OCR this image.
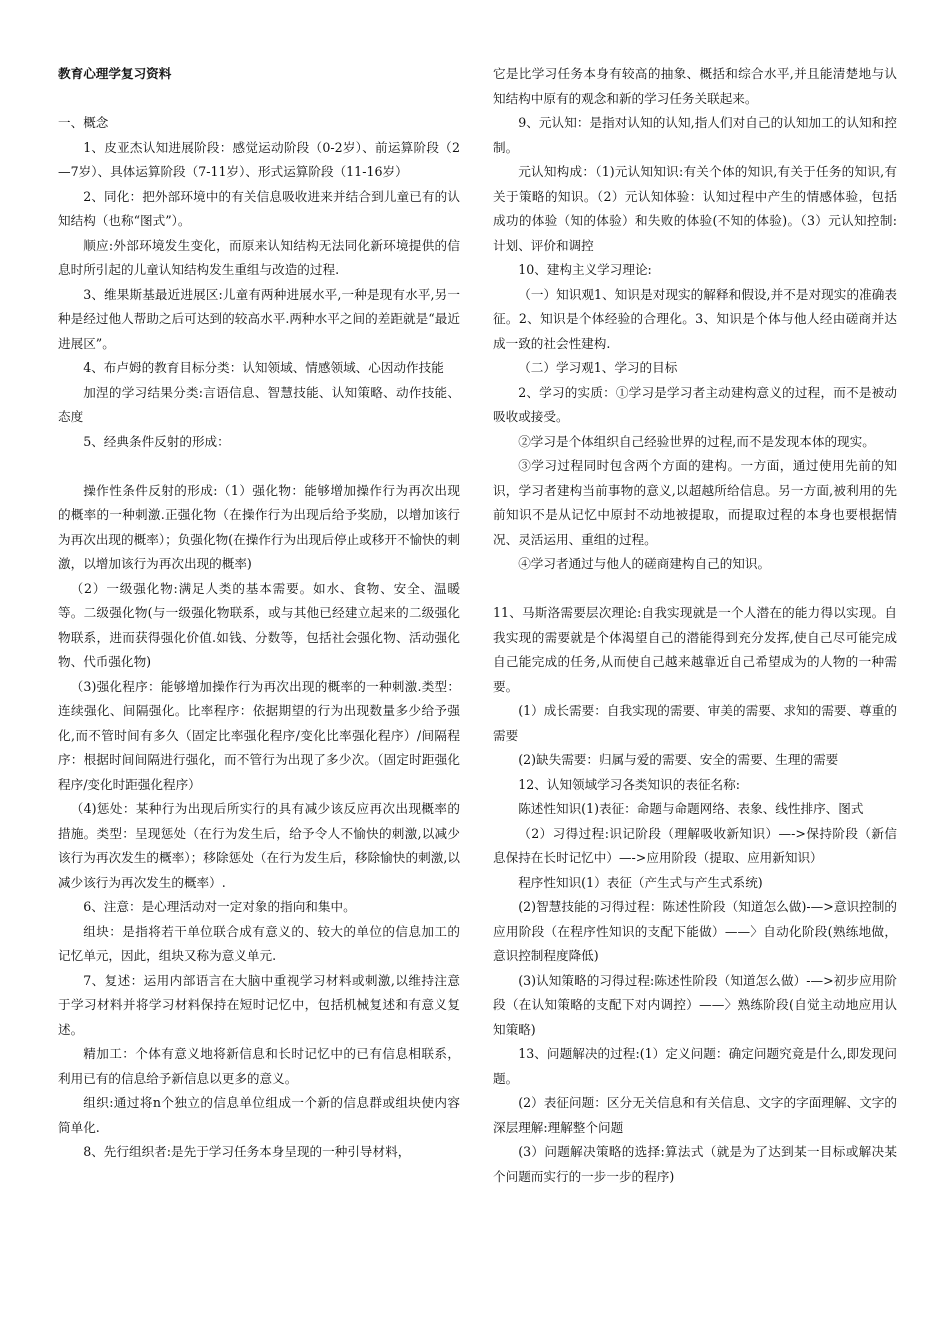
教育心理学复习资料

一、概念

1、皮亚杰认知进展阶段：感觉运动阶段（0-2岁）、前运算阶段（2—7岁）、具体运算阶段（7-11岁）、形式运算阶段（11-16岁）

2、同化：把外部环境中的有关信息吸收进来并结合到儿童已有的认知结构（也称“图式”）。

顺应:外部环境发生变化，而原来认知结构无法同化新环境提供的信息时所引起的儿童认知结构发生重组与改造的过程.

3、维果斯基最近进展区:儿童有两种进展水平,一种是现有水平,另一种是经过他人帮助之后可达到的较高水平.两种水平之间的差距就是“最近进展区”。

4、布卢姆的教育目标分类：认知领域、情感领域、心因动作技能

加涅的学习结果分类:言语信息、智慧技能、认知策略、动作技能、态度

5、经典条件反射的形成：

操作性条件反射的形成:（1）强化物：能够增加操作行为再次出现的概率的一种刺激.正强化物（在操作行为出现后给予奖励，以增加该行为再次出现的概率）；负强化物(在操作行为出现后停止或移开不愉快的刺激，以增加该行为再次出现的概率)

（2）一级强化物:满足人类的基本需要。如水、食物、安全、温暖等。二级强化物(与一级强化物联系，或与其他已经建立起来的二级强化物联系，进而获得强化价值.如钱、分数等，包括社会强化物、活动强化物、代币强化物)

（3)强化程序：能够增加操作行为再次出现的概率的一种刺激.类型：连续强化、间隔强化。比率程序：依据期望的行为出现数量多少给予强化,而不管时间有多久（固定比率强化程序/变化比率强化程序）/间隔程序：根据时间间隔进行强化，而不管行为出现了多少次。（固定时距强化程序/变化时距强化程序）

（4)惩处：某种行为出现后所实行的具有减少该反应再次出现概率的措施。类型：呈现惩处（在行为发生后，给予令人不愉快的刺激,以减少该行为再次发生的概率）；移除惩处（在行为发生后，移除愉快的刺激,以减少该行为再次发生的概率）.

6、注意：是心理活动对一定对象的指向和集中。

组块：是指将若干单位联合成有意义的、较大的单位的信息加工的记忆单元，因此，组块又称为意义单元.

7、复述：运用内部语言在大脑中重视学习材料或刺激,以维持注意于学习材料并将学习材料保持在短时记忆中，包括机械复述和有意义复述。

精加工：个体有意义地将新信息和长时记忆中的已有信息相联系，利用已有的信息给予新信息以更多的意义。

组织:通过将n个独立的信息单位组成一个新的信息群或组块使内容简单化.

8、先行组织者:是先于学习任务本身呈现的一种引导材料，

它是比学习任务本身有较高的抽象、概括和综合水平,并且能清楚地与认知结构中原有的观念和新的学习任务关联起来。

9、元认知：是指对认知的认知,指人们对自己的认知加工的认知和控制。

元认知构成：（1)元认知知识:有关个体的知识,有关于任务的知识,有关于策略的知识。（2）元认知体验：认知过程中产生的情感体验，包括成功的体验（知的体验）和失败的体验(不知的体验)。（3）元认知控制:计划、评价和调控

10、建构主义学习理论:

（一）知识观1、知识是对现实的解释和假设,并不是对现实的准确表征。2、知识是个体经验的合理化。3、知识是个体与他人经由磋商并达成一致的社会性建构.

（二）学习观1、学习的目标

2、学习的实质：①学习是学习者主动建构意义的过程，而不是被动吸收或接受。

②学习是个体组织自己经验世界的过程,而不是发现本体的现实。

③学习过程同时包含两个方面的建构。一方面，通过使用先前的知识，学习者建构当前事物的意义,以超越所给信息。另一方面,被利用的先前知识不是从记忆中原封不动地被提取，而提取过程的本身也要根据情况、灵活运用、重组的过程。

④学习者通过与他人的磋商建构自己的知识。

11、马斯洛需要层次理论:自我实现就是一个人潜在的能力得以实现。自我实现的需要就是个体渴望自己的潜能得到充分发挥,使自己尽可能完成自己能完成的任务,从而使自己越来越靠近自己希望成为的人物的一种需要。

(1）成长需要：自我实现的需要、审美的需要、求知的需要、尊重的需要

(2)缺失需要：归属与爱的需要、安全的需要、生理的需要

12、认知领域学习各类知识的表征名称:

陈述性知识(1)表征：命题与命题网络、表象、线性排序、图式

（2）习得过程:识记阶段（理解吸收新知识）—->保持阶段（新信息保持在长时记忆中）—->应用阶段（提取、应用新知识）

程序性知识(1）表征（产生式与产生式系统)

(2)智慧技能的习得过程：陈述性阶段（知道怎么做)-—>意识控制的应用阶段（在程序性知识的支配下能做）——〉自动化阶段(熟练地做，意识控制程度降低)

(3)认知策略的习得过程:陈述性阶段（知道怎么做）-—>初步应用阶段（在认知策略的支配下对内调控）——〉熟练阶段(自觉主动地应用认知策略)

13、问题解决的过程:(1）定义问题：确定问题究竟是什么,即发现问题。

(2）表征问题：区分无关信息和有关信息、文字的字面理解、文字的深层理解:理解整个问题

(3）问题解决策略的选择:算法式（就是为了达到某一目标或解决某个问题而实行的一步一步的程序)
